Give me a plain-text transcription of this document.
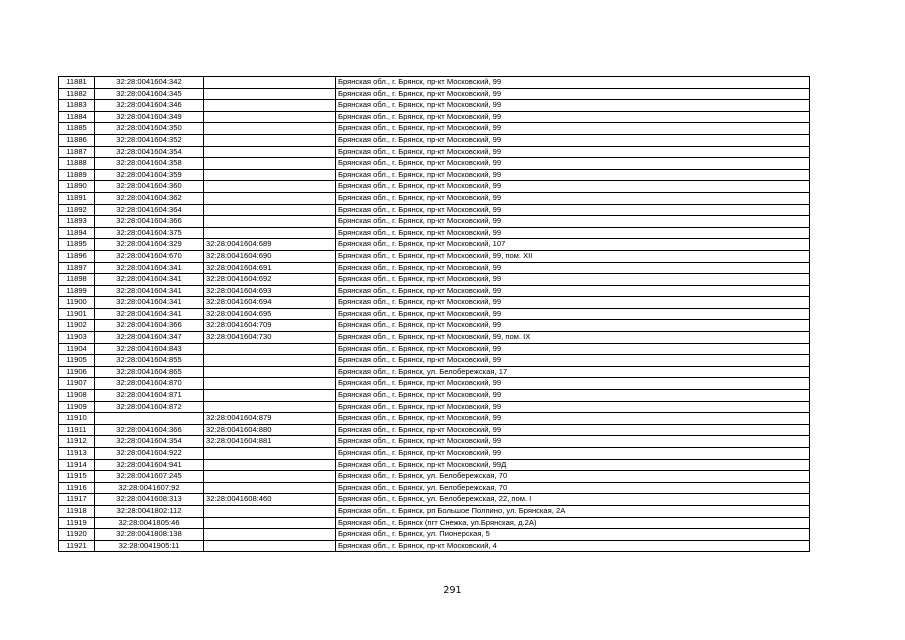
11881	32:28:0041604:342		Брянская обл., г. Брянск, пр-кт Московский, 99
11882	32:28:0041604:345		Брянская обл., г. Брянск, пр-кт Московский, 99
11883	32:28:0041604:346		Брянская обл., г. Брянск, пр-кт Московский, 99
11884	32:28:0041604:349		Брянская обл., г. Брянск, пр-кт Московский, 99
11885	32:28:0041604:350		Брянская обл., г. Брянск, пр-кт Московский, 99
11886	32:28:0041604:352		Брянская обл., г. Брянск, пр-кт Московский, 99
11887	32:28:0041604:354		Брянская обл., г. Брянск, пр-кт Московский, 99
11888	32:28:0041604:358		Брянская обл., г. Брянск, пр-кт Московский, 99
11889	32:28:0041604:359		Брянская обл., г. Брянск, пр-кт Московский, 99
11890	32:28:0041604:360		Брянская обл., г. Брянск, пр-кт Московский, 99
11891	32:28:0041604:362		Брянская обл., г. Брянск, пр-кт Московский, 99
11892	32:28:0041604:364		Брянская обл., г. Брянск, пр-кт Московский, 99
11893	32:28:0041604:366		Брянская обл., г. Брянск, пр-кт Московский, 99
11894	32:28:0041604:375		Брянская обл., г. Брянск, пр-кт Московский, 99
11895	32:28:0041604:329	32:28:0041604:689	Брянская обл., г. Брянск, пр-кт Московский, 107
11896	32:28:0041604:670	32:28:0041604:690	Брянская обл., г. Брянск, пр-кт Московский, 99, пом. XII
11897	32:28:0041604:341	32:28:0041604:691	Брянская обл., г. Брянск, пр-кт Московский, 99
11898	32:28:0041604:341	32:28:0041604:692	Брянская обл., г. Брянск, пр-кт Московский, 99
11899	32:28:0041604:341	32:28:0041604:693	Брянская обл., г. Брянск, пр-кт Московский, 99
11900	32:28:0041604:341	32:28:0041604:694	Брянская обл., г. Брянск, пр-кт Московский, 99
11901	32:28:0041604:341	32:28:0041604:695	Брянская обл., г. Брянск, пр-кт Московский, 99
11902	32:28:0041604:366	32:28:0041604:709	Брянская обл., г. Брянск, пр-кт Московский, 99
11903	32:28:0041604:347	32:28:0041604:730	Брянская обл., г. Брянск, пр-кт Московский, 99, пом. IX
11904	32:28:0041604:843		Брянская обл., г. Брянск, пр-кт Московский, 99
11905	32:28:0041604:855		Брянская обл., г. Брянск, пр-кт Московский, 99
11906	32:28:0041604:865		Брянская обл., г. Брянск, ул. Белобережская, 17
11907	32:28:0041604:870		Брянская обл., г. Брянск, пр-кт Московский, 99
11908	32:28:0041604:871		Брянская обл., г. Брянск, пр-кт Московский, 99
11909	32:28:0041604:872		Брянская обл., г. Брянск, пр-кт Московский, 99
11910		32:28:0041604:879	Брянская обл., г. Брянск, пр-кт Московский, 99
11911	32:28:0041604:366	32:28:0041604:880	Брянская обл., г. Брянск, пр-кт Московский, 99
11912	32:28:0041604:354	32:28:0041604:881	Брянская обл., г. Брянск, пр-кт Московский, 99
11913	32:28:0041604:922		Брянская обл., г. Брянск, пр-кт Московский, 99
11914	32:28:0041604:941		Брянская обл., г. Брянск, пр-кт Московский, 99Д
11915	32:28:0041607:245		Брянская обл., г. Брянск, ул. Белобережская, 70
11916	32:28:0041607:92		Брянская обл., г. Брянск, ул. Белобережская, 70
11917	32:28:0041608:313	32:28:0041608:460	Брянская обл., г. Брянск, ул. Белобережская, 22, пом. I
11918	32:28:0041802:112		Брянская обл., г. Брянск, рп Большое Полпино, ул. Брянская, 2А
11919	32:28:0041805:46		Брянская обл., г. Брянск (пгт Снежка, ул.Брянская, д.2А)
11920	32:28:0041808:138		Брянская обл., г. Брянск, ул. Пионерская, 5
11921	32:28:0041905:11		Брянская обл., г. Брянск, пр-кт Московский, 4
291
